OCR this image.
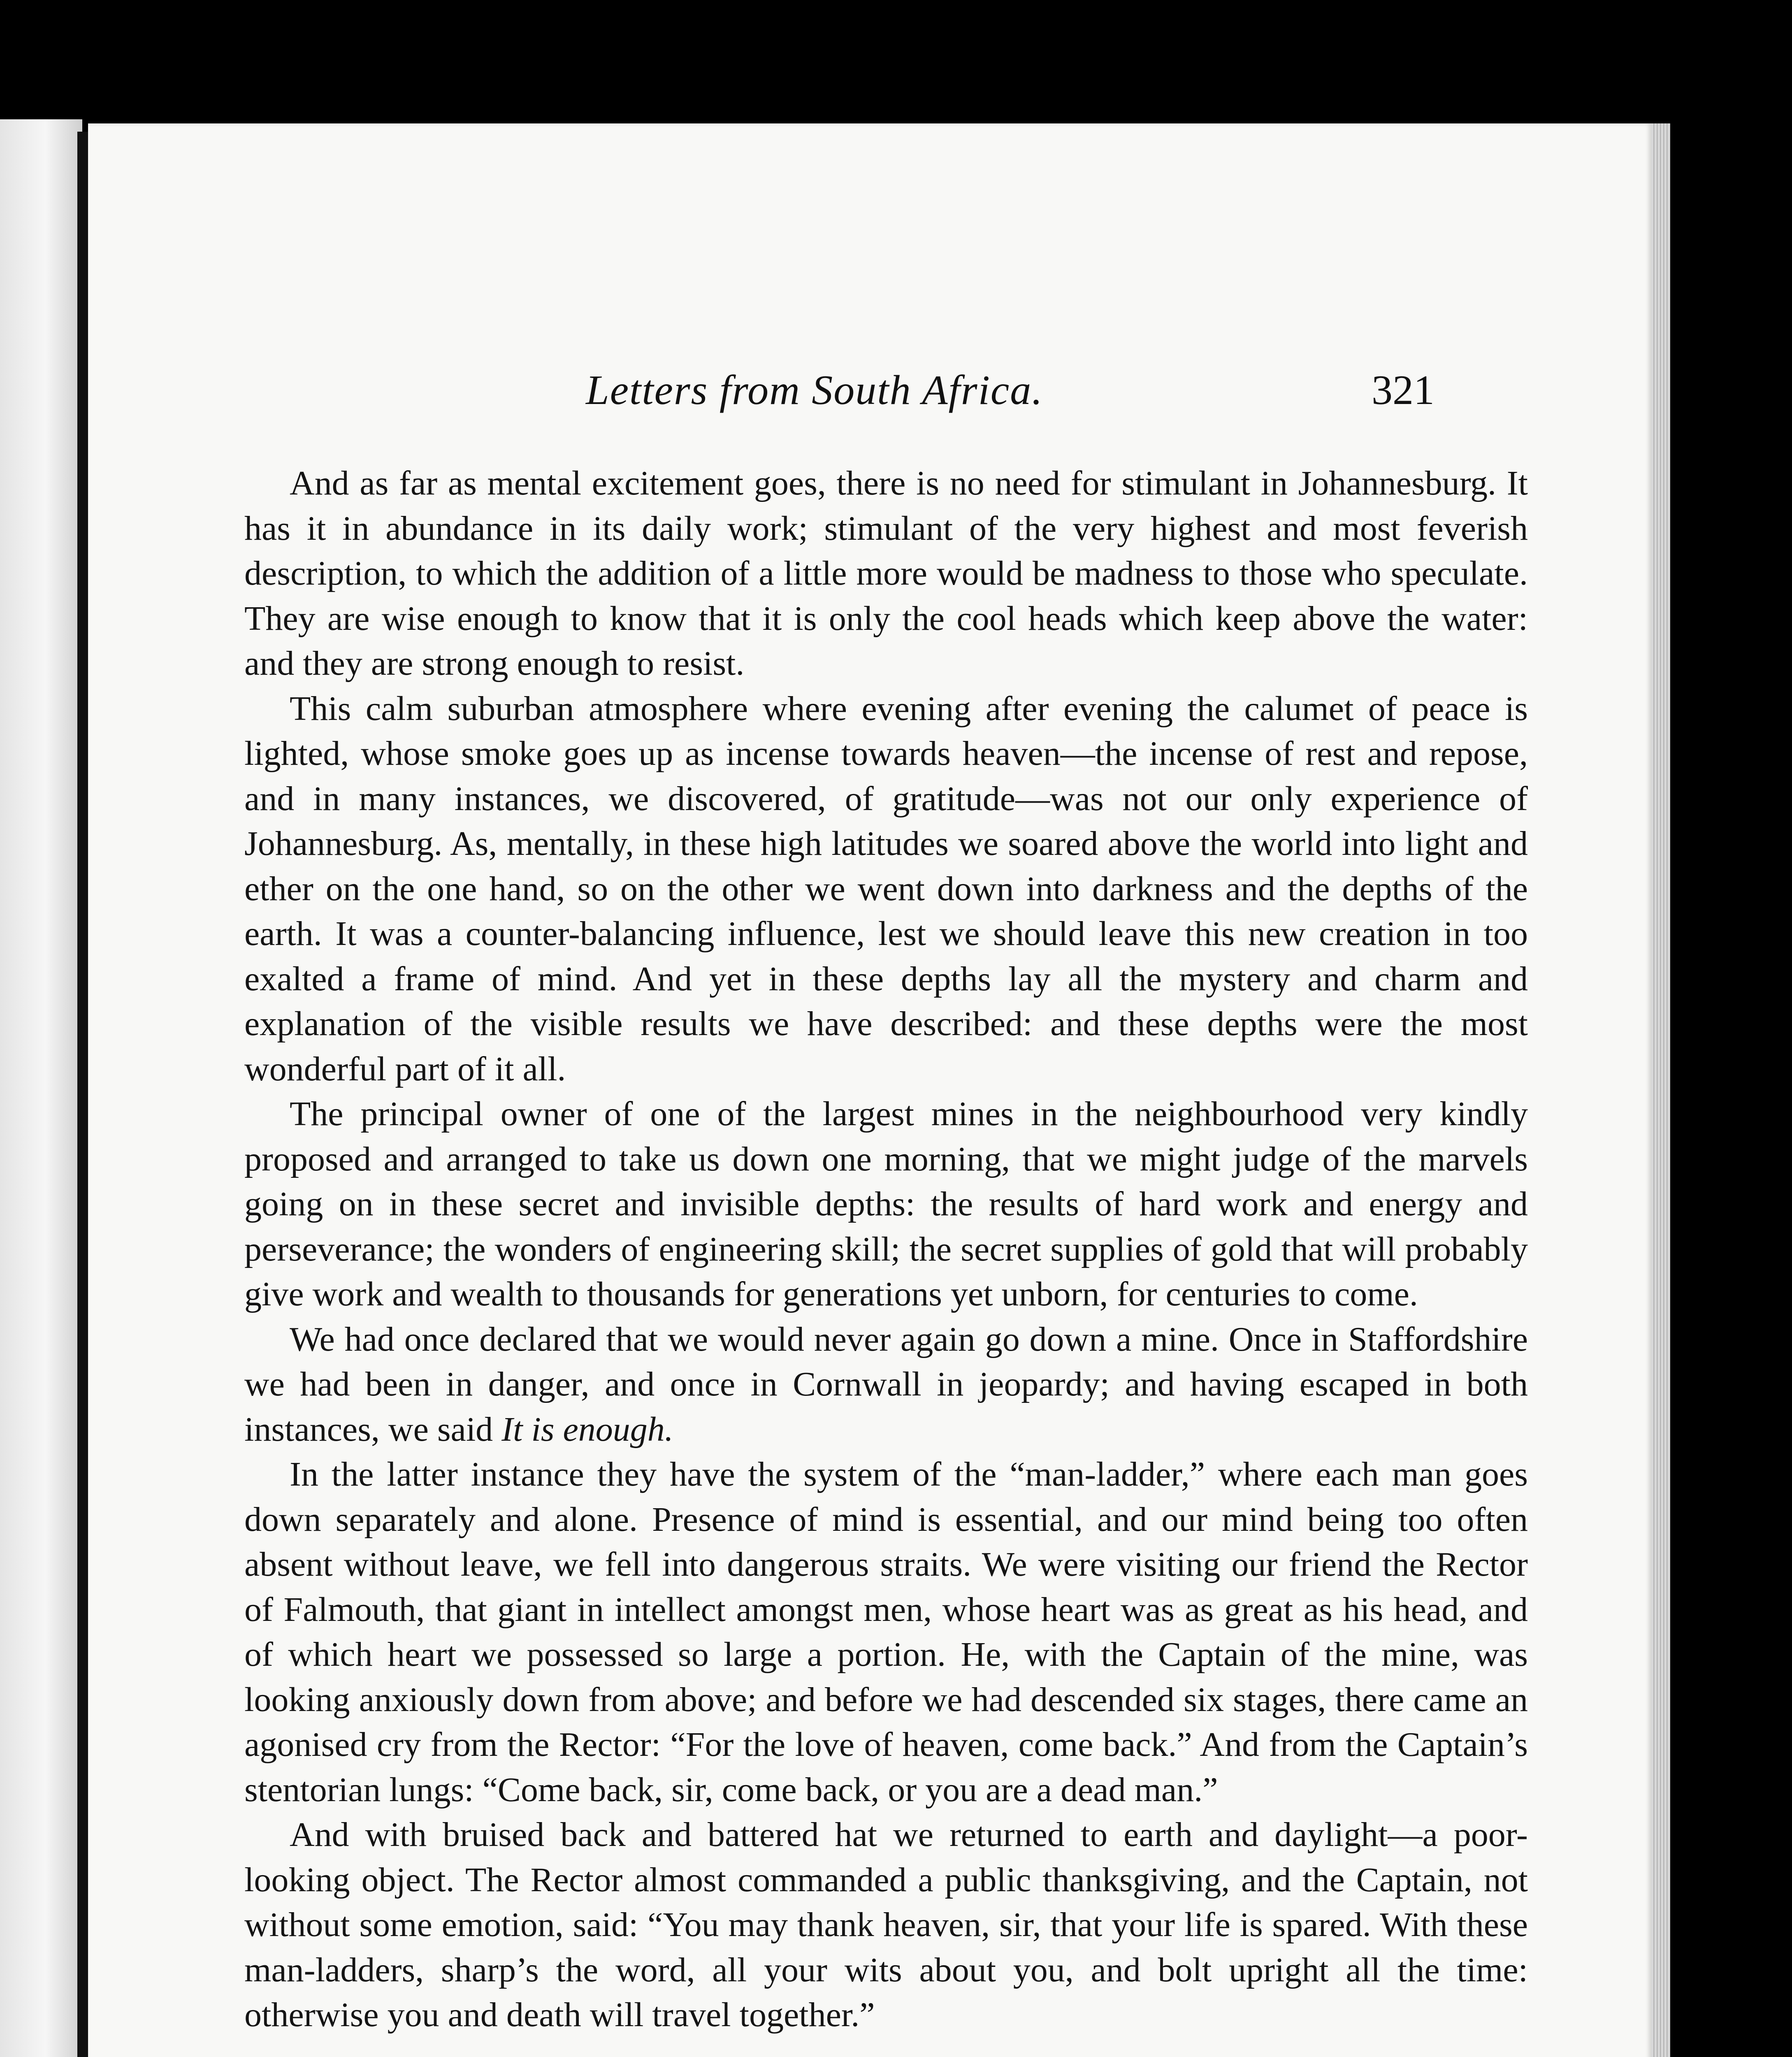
Letters from South Africa.	321

And as far as mental excitement goes, there is no need for stimulant in Johannesburg. It has it in abundance in its daily work; stimulant of the very highest and most feverish description, to which the addition of a little more would be madness to those who speculate. They are wise enough to know that it is only the cool heads which keep above the water: and they are strong enough to resist.

This calm suburban atmosphere where evening after evening the calumet of peace is lighted, whose smoke goes up as incense towards heaven—the incense of rest and repose, and in many instances, we discovered, of gratitude—was not our only experience of Johannesburg. As, mentally, in these high latitudes we soared above the world into light and ether on the one hand, so on the other we went down into darkness and the depths of the earth. It was a counter-balancing influence, lest we should leave this new creation in too exalted a frame of mind. And yet in these depths lay all the mystery and charm and explanation of the visible results we have described: and these depths were the most wonderful part of it all.

The principal owner of one of the largest mines in the neighbourhood very kindly proposed and arranged to take us down one morning, that we might judge of the marvels going on in these secret and invisible depths: the results of hard work and energy and perseverance; the wonders of engineering skill; the secret supplies of gold that will probably give work and wealth to thousands for generations yet unborn, for centuries to come.

We had once declared that we would never again go down a mine. Once in Staffordshire we had been in danger, and once in Cornwall in jeopardy; and having escaped in both instances, we said It is enough.

In the latter instance they have the system of the “man-ladder,” where each man goes down separately and alone. Presence of mind is essential, and our mind being too often absent without leave, we fell into dangerous straits. We were visiting our friend the Rector of Falmouth, that giant in intellect amongst men, whose heart was as great as his head, and of which heart we possessed so large a portion. He, with the Captain of the mine, was looking anxiously down from above; and before we had descended six stages, there came an agonised cry from the Rector: “For the love of heaven, come back.” And from the Captain’s stentorian lungs: “Come back, sir, come back, or you are a dead man.”

And with bruised back and battered hat we returned to earth and daylight—a poor-looking object. The Rector almost commanded a public thanksgiving, and the Captain, not without some emotion, said: “You may thank heaven, sir, that your life is spared. With these man-ladders, sharp’s the word, all your wits about you, and bolt upright all the time: otherwise you and death will travel together.”
